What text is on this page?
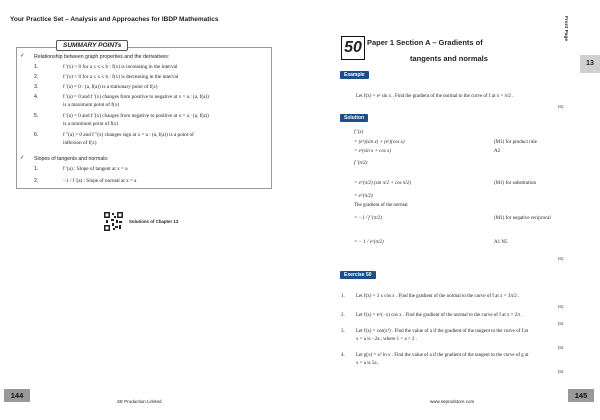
Your Practice Set – Analysis and Approaches for IBDP Mathematics
SUMMARY POINTs
✓ Relationship between graph properties and the derivatives:
1.	f '(x) > 0 for a ≤ x ≤ b : f(x) is increasing in the interval
2.	f '(x) < 0 for a ≤ x ≤ b : f(x) is decreasing in the interval
3.	f '(a) = 0 : (a, f(a)) is a stationary point of f(x)
4.	f '(a) = 0 and f '(x) changes from positive to negative at x = a : (a, f(a))
is a maximum point of f(x)
5.	f '(a) = 0 and f '(x) changes from negative to positive at x = a : (a, f(a))
is a minimum point of f(x)
6.	f "(a) = 0 and f "(x) changes sign at x = a : (a, f(a)) is a point of
inflexion of f(x)
✓ Slopes of tangents and normals:
1.	f '(a) : Slope of tangent at x = a
2.	−1 / f '(a) : Slope of normal at x = a
Solutions of Chapter 13
144
SE Production Limited
Front Page
13
50 Paper 1 Section A – Gradients of
tangents and normals
Example
Let f(x) = eˣ sin x . Find the gradient of the normal to the curve of f at x = π/2 .
[6]
Solution
f '(x)
= (eˣ)(sin x) + (eˣ)(cos x)	(M1) for product rule
= eˣ(sin x + cos x)	A2
f '(π/2)
= e^(π/2) (sin π/2 + cos π/2)	(M1) for substitution
= e^(π/2)
The gradient of the normal
= −1 / f '(π/2)	(M1) for negative reciprocal
= − 1 / e^(π/2)	A1 N5
[6]
Exercise 50
1. Let f(x) = 3 x cos x . Find the gradient of the normal to the curve of f at x = 3π/2 .
[6]
2. Let f(x) = e^(−x) cos x . Find the gradient of the normal to the curve of f at x = 2π .
[6]
3. Let f(x) = cos(x²) . Find the value of a if the gradient of the tangent to the curve of f at
x = a is −2a , where 1 < a < 2 .
[6]
4. Let g(x) = x² ln x . Find the value of a if the gradient of the tangent to the curve of g at
x = a is 5a .
[6]
145
www.seprodstore.com
